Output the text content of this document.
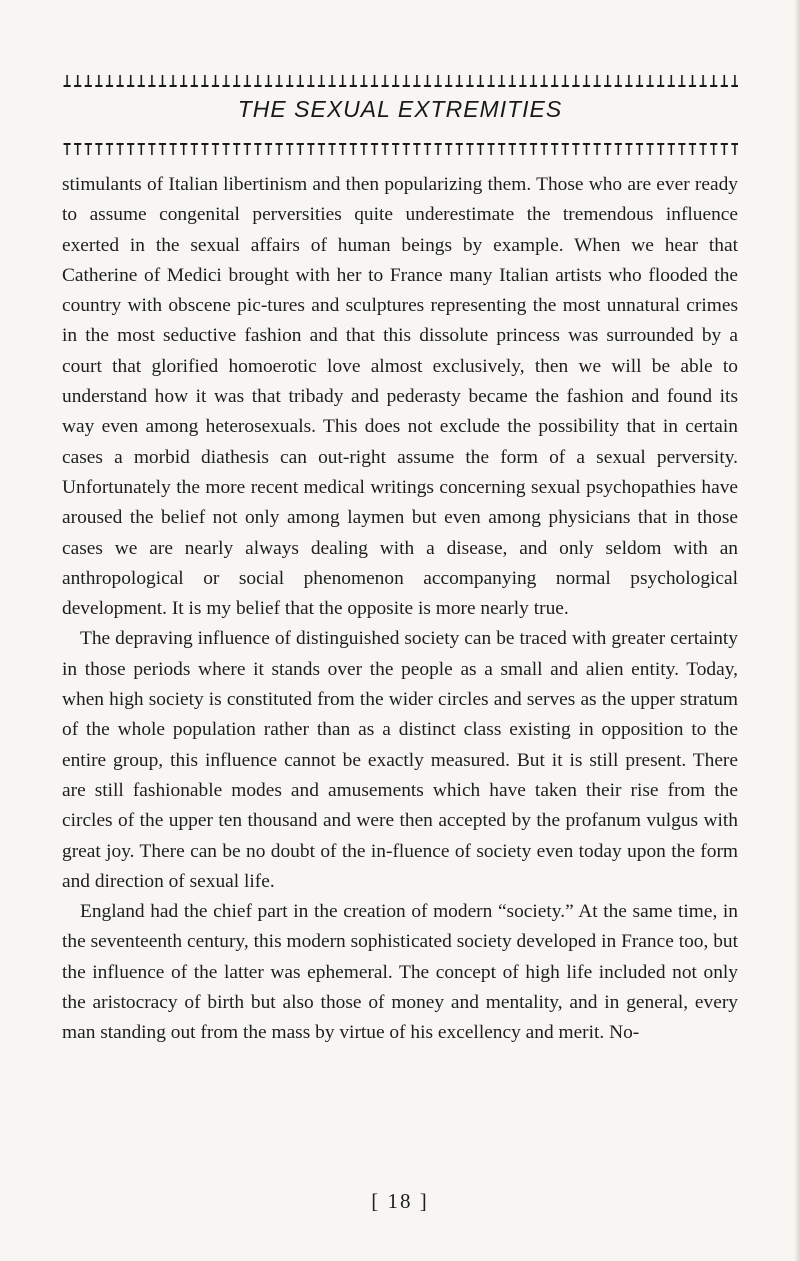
THE SEXUAL EXTREMITIES

stimulants of Italian libertinism and then popularizing them. Those who are ever ready to assume congenital perversities quite underestimate the tremendous influence exerted in the sexual affairs of human beings by example. When we hear that Catherine of Medici brought with her to France many Italian artists who flooded the country with obscene pic-tures and sculptures representing the most unnatural crimes in the most seductive fashion and that this dissolute princess was surrounded by a court that glorified homoerotic love almost exclusively, then we will be able to understand how it was that tribady and pederasty became the fashion and found its way even among heterosexuals. This does not exclude the possibility that in certain cases a morbid diathesis can out-right assume the form of a sexual perversity. Unfortunately the more recent medical writings concerning sexual psychopathies have aroused the belief not only among laymen but even among physicians that in those cases we are nearly always dealing with a disease, and only seldom with an anthropological or social phenomenon accompanying normal psychological development. It is my belief that the opposite is more nearly true.

The depraving influence of distinguished society can be traced with greater certainty in those periods where it stands over the people as a small and alien entity. Today, when high society is constituted from the wider circles and serves as the upper stratum of the whole population rather than as a distinct class existing in opposition to the entire group, this influence cannot be exactly measured. But it is still present. There are still fashionable modes and amusements which have taken their rise from the circles of the upper ten thousand and were then accepted by the profanum vulgus with great joy. There can be no doubt of the in-fluence of society even today upon the form and direction of sexual life.

England had the chief part in the creation of modern “society.” At the same time, in the seventeenth century, this modern sophisticated society developed in France too, but the influence of the latter was ephemeral. The concept of high life included not only the aristocracy of birth but also those of money and mentality, and in general, every man standing out from the mass by virtue of his excellency and merit. No-

[ 18 ]
